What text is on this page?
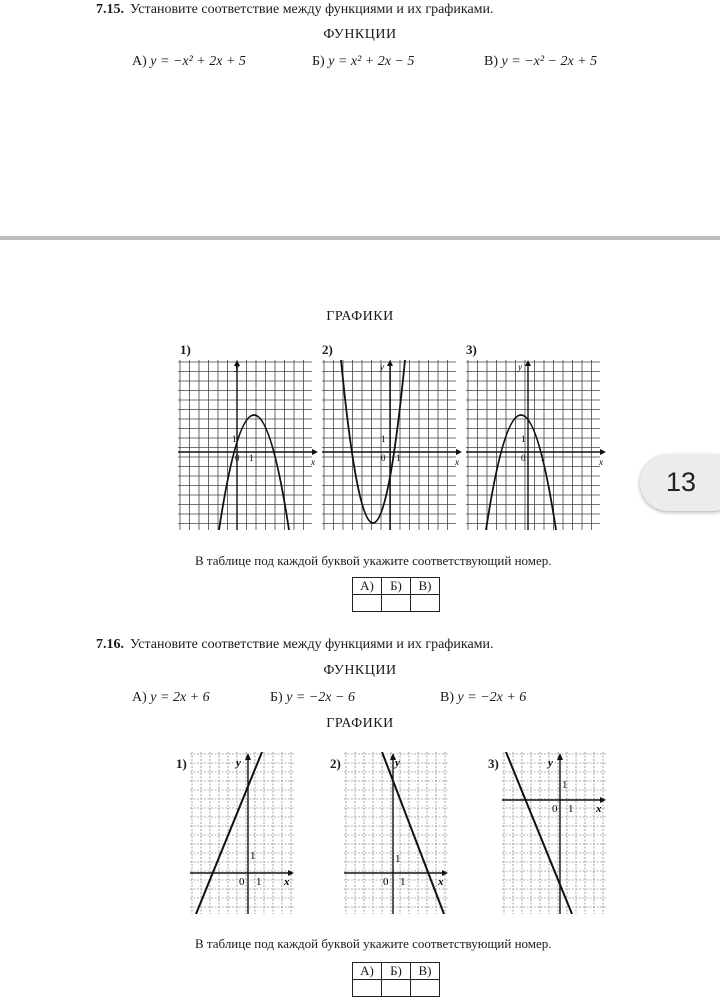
7.15. Установите соответствие между функциями и их графиками.
ФУНКЦИИ
А) y = −x² + 2x + 5	Б) y = x² + 2x − 5	В) y = −x² − 2x + 5
ГРАФИКИ
1)	2)	3)
x
y
0 1
1
x
y
0 1
1
x
y
0 1
1
В таблице под каждой буквой укажите соответствующий номер.
А)	Б)	В)

13
7.16. Установите соответствие между функциями и их графиками.
ФУНКЦИИ
А) y = 2x + 6	Б) y = −2x − 6	В) y = −2x + 6
ГРАФИКИ
1)	2)	3)
x
y
0 1
1
x
y
0 1
1
x
y
0 1
1
В таблице под каждой буквой укажите соответствующий номер.
А)	Б)	В)
